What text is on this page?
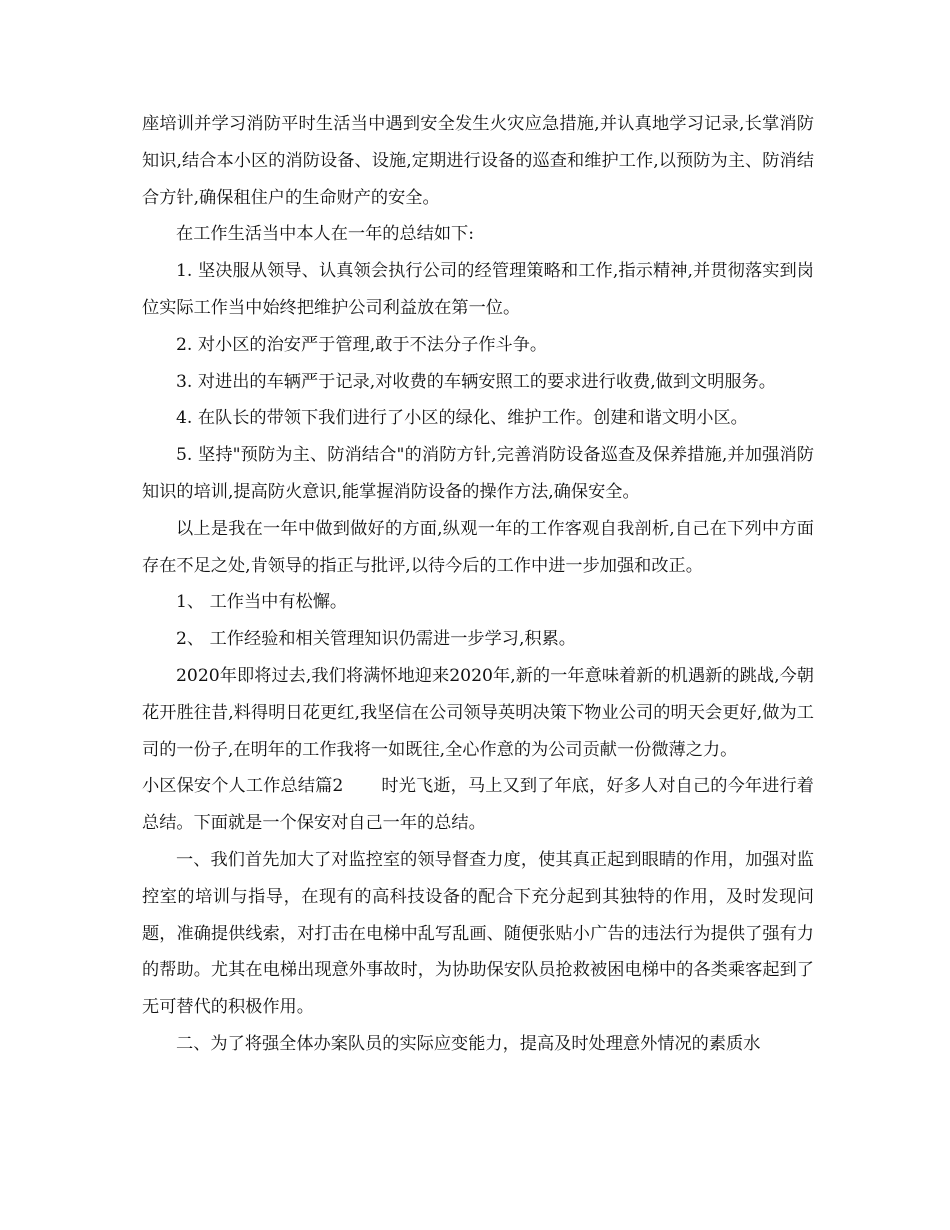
座培训并学习消防平时生活当中遇到安全发生火灾应急措施,并认真地学习记录,长掌消防知识,结合本小区的消防设备、设施,定期进行设备的巡查和维护工作,以预防为主、防消结合方针,确保租住户的生命财产的安全。

在工作生活当中本人在一年的总结如下:

1. 坚决服从领导、认真领会执行公司的经管理策略和工作,指示精神,并贯彻落实到岗位实际工作当中始终把维护公司利益放在第一位。

2. 对小区的治安严于管理,敢于不法分子作斗争。

3. 对进出的车辆严于记录,对收费的车辆安照工的要求进行收费,做到文明服务。

4. 在队长的带领下我们进行了小区的绿化、维护工作。创建和谐文明小区。

5. 坚持"预防为主、防消结合"的消防方针,完善消防设备巡查及保养措施,并加强消防知识的培训,提高防火意识,能掌握消防设备的操作方法,确保安全。

以上是我在一年中做到做好的方面,纵观一年的工作客观自我剖析,自己在下列中方面存在不足之处,肯领导的指正与批评,以待今后的工作中进一步加强和改正。

1、 工作当中有松懈。

2、 工作经验和相关管理知识仍需进一步学习,积累。

2020年即将过去,我们将满怀地迎来2020年,新的一年意味着新的机遇新的跳战,今朝花开胜往昔,料得明日花更红,我坚信在公司领导英明决策下物业公司的明天会更好,做为工司的一份子,在明年的工作我将一如既往,全心作意的为公司贡献一份微薄之力。

小区保安个人工作总结篇2 时光飞逝，马上又到了年底，好多人对自己的今年进行着总结。下面就是一个保安对自己一年的总结。

一、我们首先加大了对监控室的领导督查力度，使其真正起到眼睛的作用，加强对监控室的培训与指导，在现有的高科技设备的配合下充分起到其独特的作用，及时发现问题，准确提供线索，对打击在电梯中乱写乱画、随便张贴小广告的违法行为提供了强有力的帮助。尤其在电梯出现意外事故时，为协助保安队员抢救被困电梯中的各类乘客起到了无可替代的积极作用。

二、为了将强全体办案队员的实际应变能力，提高及时处理意外情况的素质水
